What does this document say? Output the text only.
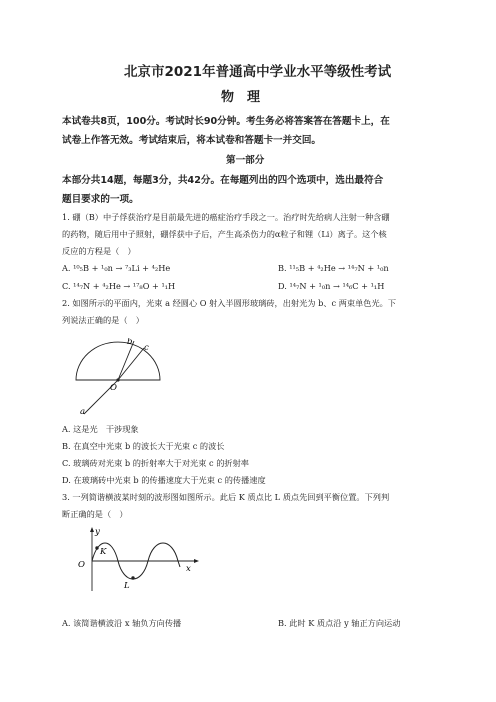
北京市2021年普通高中学业水平等级性考试
物　理
本试卷共8页，100分。考试时长90分钟。考生务必将答案答在答题卡上，在
试卷上作答无效。考试结束后，将本试卷和答题卡一并交回。
第一部分
本部分共14题，每题3分，共42分。在每题列出的四个选项中，选出最符合
题目要求的一项。
1. 硼（B）中子俘获治疗是目前最先进的癌症治疗手段之一。治疗时先给病人注射一种含硼
的药物，随后用中子照射，硼俘获中子后，产生高杀伤力的α粒子和锂（Li）离子。这个核
反应的方程是（　）
A. ¹⁰₅B + ¹₀n → ⁷₃Li + ⁴₂He	B. ¹¹₅B + ⁴₂He → ¹⁴₇N + ¹₀n
C. ¹⁴₇N + ⁴₂He → ¹⁷₈O + ¹₁H	D. ¹⁴₇N + ¹₀n → ¹⁴₆C + ¹₁H
2. 如图所示的平面内，光束 a 经圆心 O 射入半圆形玻璃砖，出射光为 b、c 两束单色光。下
列说法正确的是（　）
b
c
O
a
A. 这是光　干涉现象
B. 在真空中光束 b 的波长大于光束 c 的波长
C. 玻璃砖对光束 b 的折射率大于对光束 c 的折射率
D. 在玻璃砖中光束 b 的传播速度大于光束 c 的传播速度
3. 一列简谐横波某时刻的波形图如图所示。此后 K 质点比 L 质点先回到平衡位置。下列判
断正确的是（　）
y
K
O	x
L
A. 该简谐横波沿 x 轴负方向传播	B. 此时 K 质点沿 y 轴正方向运动
